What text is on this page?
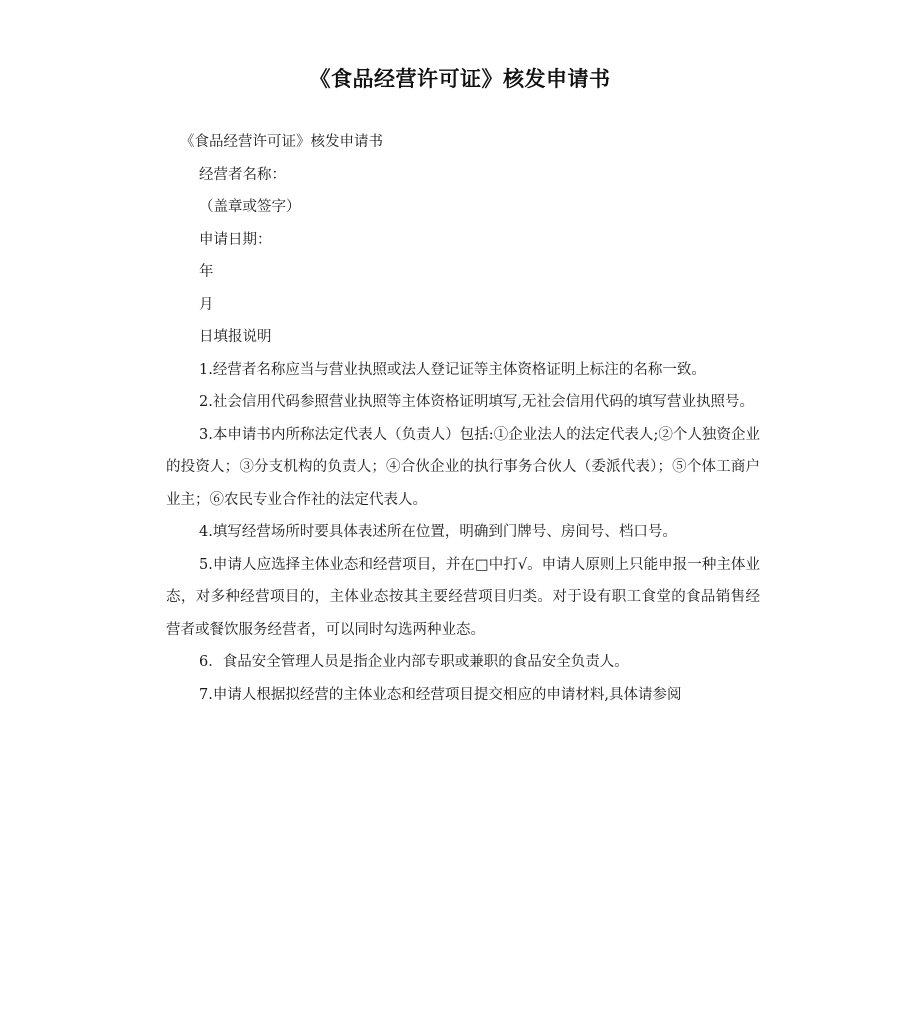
《食品经营许可证》核发申请书
《食品经营许可证》核发申请书
经营者名称：
（盖章或签字）
申请日期：
年
月
日填报说明

1.经营者名称应当与营业执照或法人登记证等主体资格证明上标注的名称一致。

2.社会信用代码参照营业执照等主体资格证明填写,无社会信用代码的填写营业执照号。

3.本申请书内所称法定代表人（负责人）包括:①企业法人的法定代表人;②个人独资企业的投资人；③分支机构的负责人；④合伙企业的执行事务合伙人（委派代表）；⑤个体工商户业主；⑥农民专业合作社的法定代表人。

4.填写经营场所时要具体表述所在位置，明确到门牌号、房间号、档口号。

5.申请人应选择主体业态和经营项目，并在□中打√。申请人原则上只能申报一种主体业态，对多种经营项目的，主体业态按其主要经营项目归类。对于设有职工食堂的食品销售经营者或餐饮服务经营者，可以同时勾选两种业态。

6．食品安全管理人员是指企业内部专职或兼职的食品安全负责人。

7.申请人根据拟经营的主体业态和经营项目提交相应的申请材料,具体请参阅
